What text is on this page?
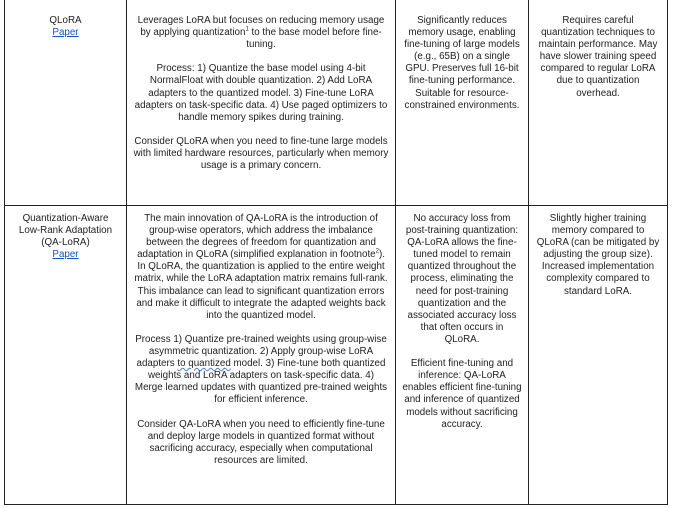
QLoRA
Paper

Leverages LoRA but focuses on reducing memory usage by applying quantization$^1$ to the base model before fine-tuning.

Process: 1) Quantize the base model using 4-bit NormalFloat with double quantization. 2) Add LoRA adapters to the quantized model. 3) Fine-tune LoRA adapters on task-specific data. 4) Use paged optimizers to handle memory spikes during training.

Consider QLoRA when you need to fine-tune large models with limited hardware resources, particularly when memory usage is a primary concern.

Significantly reduces memory usage, enabling fine-tuning of large models (e.g., 65B) on a single GPU. Preserves full 16-bit fine-tuning performance. Suitable for resource-constrained environments.

Requires careful quantization techniques to maintain performance. May have slower training speed compared to regular LoRA due to quantization overhead.

Quantization-Aware Low-Rank Adaptation (QA-LoRA)
Paper

The main innovation of QA-LoRA is the introduction of group-wise operators, which address the imbalance between the degrees of freedom for quantization and adaptation in QLoRA (simplified explanation in footnote$^2$). In QLoRA, the quantization is applied to the entire weight matrix, while the LoRA adaptation matrix remains full-rank. This imbalance can lead to significant quantization errors and make it difficult to integrate the adapted weights back into the quantized model.

Process 1) Quantize pre-trained weights using group-wise asymmetric quantization. 2) Apply group-wise LoRA adapters to quantized model. 3) Fine-tune both quantized weights and LoRA adapters on task-specific data. 4) Merge learned updates with quantized pre-trained weights for efficient inference.

Consider QA-LoRA when you need to efficiently fine-tune and deploy large models in quantized format without sacrificing accuracy, especially when computational resources are limited.

No accuracy loss from post-training quantization: QA-LoRA allows the fine-tuned model to remain quantized throughout the process, eliminating the need for post-training quantization and the associated accuracy loss that often occurs in QLoRA.

Efficient fine-tuning and inference: QA-LoRA enables efficient fine-tuning and inference of quantized models without sacrificing accuracy.

Slightly higher training memory compared to QLoRA (can be mitigated by adjusting the group size).
Increased implementation complexity compared to standard LoRA.
